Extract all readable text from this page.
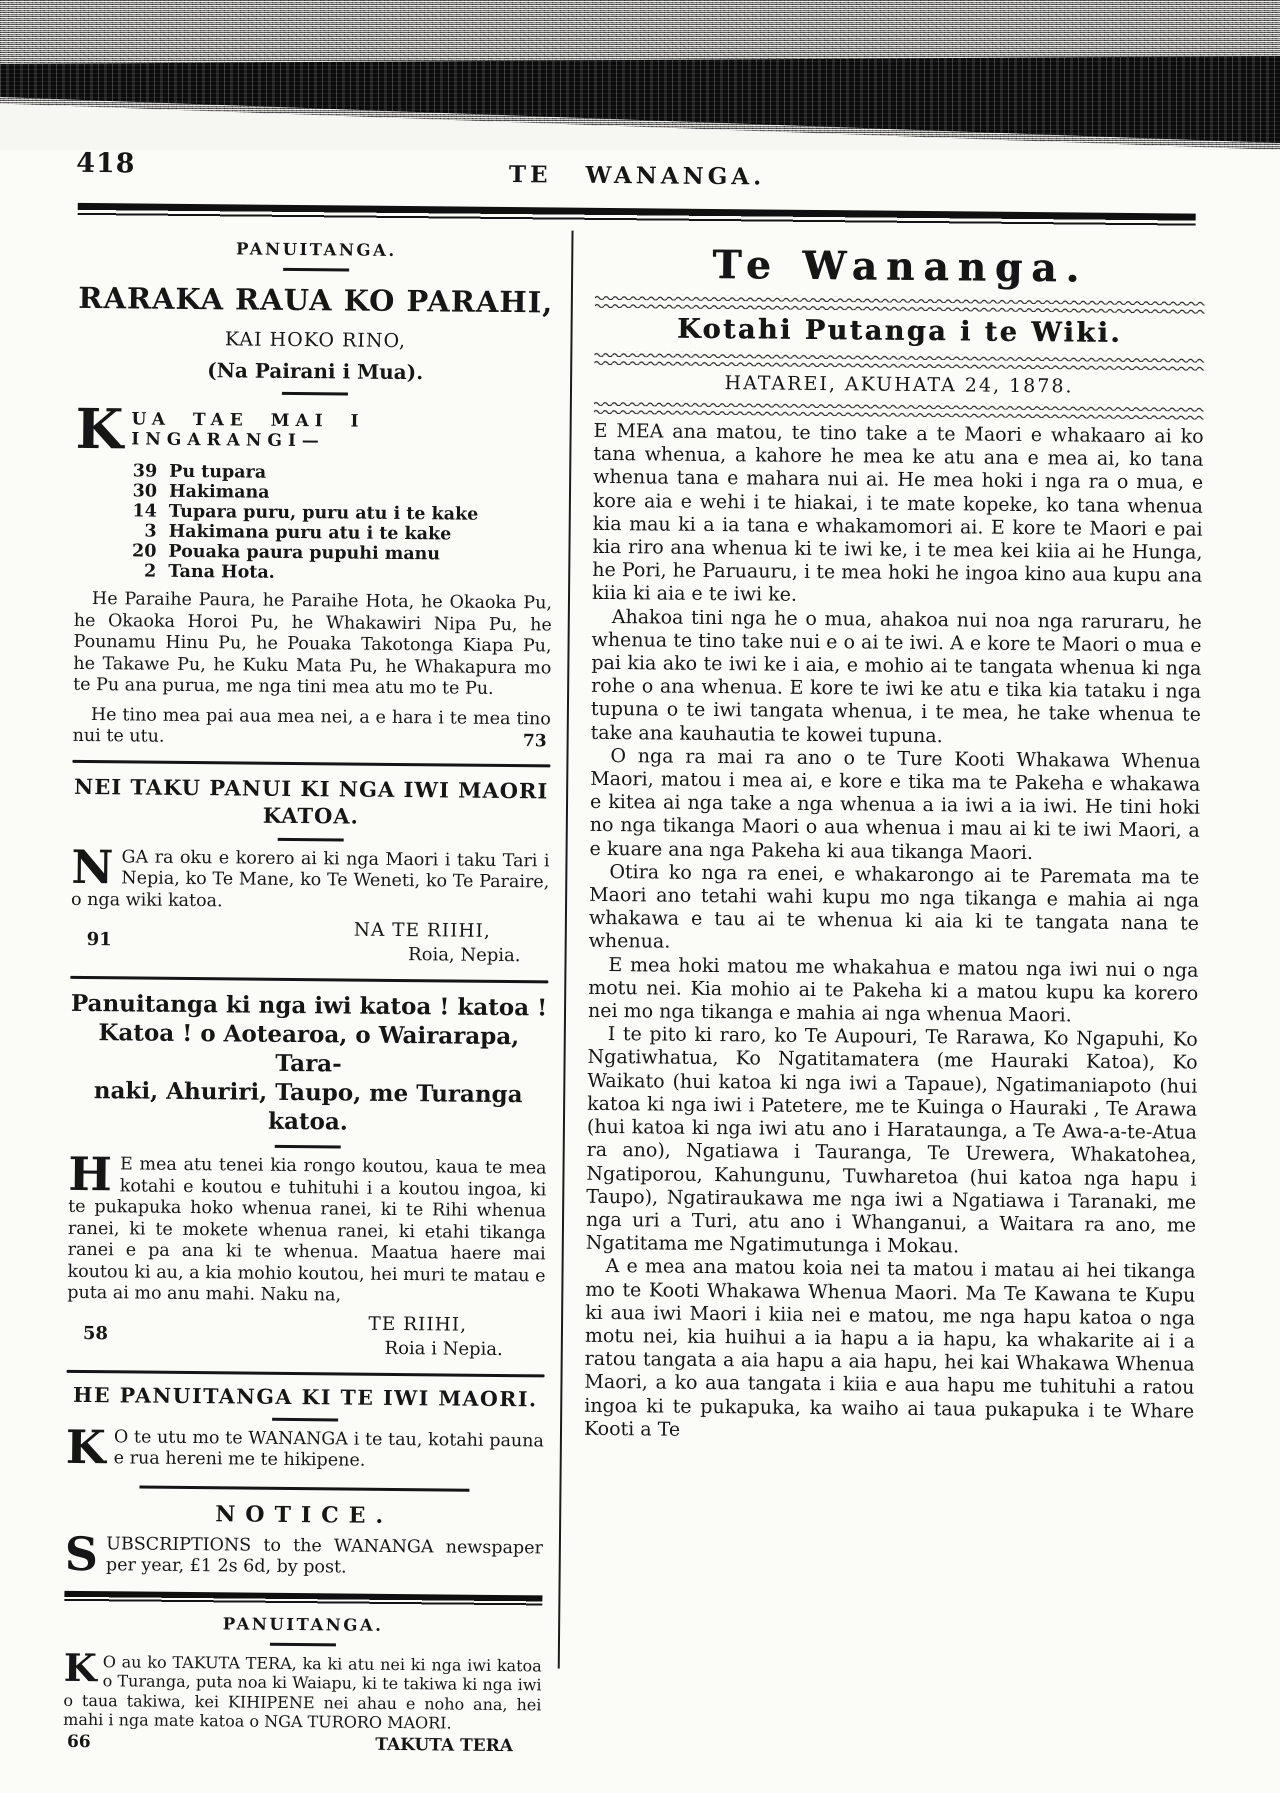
418	TE WANANGA.
PANUITANGA.
RARAKA RAUA KO PARAHI,
KAI HOKO RINO,
(Na Pairani i Mua).
KUA TAE MAI I INGARANGI—
39 Pu tupara
30 Hakimana
14 Tupara puru, puru atu i te kake
3 Hakimana puru atu i te kake
20 Pouaka paura pupuhi manu
2 Tana Hota.

He Paraihe Paura, he Paraihe Hota, he Okaoka Pu, he Okaoka Horoi Pu, he Whakawiri Nipa Pu, he Pounamu Hinu Pu, he Pouaka Takotonga Kiapa Pu, he Takawe Pu, he Kuku Mata Pu, he Whakapura mo te Pu ana purua, me nga tini mea atu mo te Pu.

He tino mea pai aua mea nei, a e hara i te mea tino nui te utu.	73

NEI TAKU PANUI KI NGA IWI MAORI KATOA.

NGA ra oku e korero ai ki nga Maori i taku Tari i Nepia, ko Te Mane, ko Te Weneti, ko Te Paraire, o nga wiki katoa.

91	NA TE RIIHI,
Roia, Nepia.
Panuitanga ki nga iwi katoa ! katoa !
Katoa ! o Aotearoa, o Wairarapa, Tara-
naki, Ahuriri, Taupo, me Turanga
katoa.

H E mea atu tenei kia rongo koutou, kaua te mea kotahi e koutou e tuhituhi i a koutou ingoa, ki te pukapuka hoko whenua ranei, ki te Rihi whenua ranei, ki te mokete whenua ranei, ki etahi tikanga ranei e pa ana ki te whenua. Maatua haere mai koutou ki au, a kia mohio koutou, hei muri te matau e puta ai mo anu mahi. Naku na,

58	TE RIIHI,
Roia i Nepia.
HE PANUITANGA KI TE IWI MAORI.

K O te utu mo te WANANGA i te tau, kotahi pauna e rua hereni me te hikipene.

NOTICE.

SUBSCRIPTIONS to the WANANGA newspaper per year, £1 2s 6d, by post.

PANUITANGA.

K O au ko TAKUTA TERA, ka ki atu nei ki nga iwi katoa o Turanga, puta noa ki Waiapu, ki te takiwa ki nga iwi o taua takiwa, kei KIHIPENE nei ahau e noho ana, hei mahi i nga mate katoa o NGA TURORO MAORI.

66	TAKUTA TERA
Te Wananga.
Kotahi Putanga i te Wiki.
HATAREI, AKUHATA 24, 1878.

E MEA ana matou, te tino take a te Maori e whakaaro ai ko tana whenua, a kahore he mea ke atu ana e mea ai, ko tana whenua tana e mahara nui ai. He mea hoki i nga ra o mua, e kore aia e wehi i te hiakai, i te mate kopeke, ko tana whenua kia mau ki a ia tana e whakamomori ai. E kore te Maori e pai kia riro ana whenua ki te iwi ke, i te mea kei kiia ai he Hunga, he Pori, he Paruauru, i te mea hoki he ingoa kino aua kupu ana kiia ki aia e te iwi ke.

Ahakoa tini nga he o mua, ahakoa nui noa nga raruraru, he whenua te tino take nui e o ai te iwi. A e kore te Maori o mua e pai kia ako te iwi ke i aia, e mohio ai te tangata whenua ki nga rohe o ana whenua. E kore te iwi ke atu e tika kia tataku i nga tupuna o te iwi tangata whenua, i te mea, he take whenua te take ana kauhautia te kowei tupuna.

O nga ra mai ra ano o te Ture Kooti Whakawa Whenua Maori, matou i mea ai, e kore e tika ma te Pakeha e whakawa e kitea ai nga take a nga whenua a ia iwi a ia iwi. He tini hoki no nga tikanga Maori o aua whenua i mau ai ki te iwi Maori, a e kuare ana nga Pakeha ki aua tikanga Maori.

Otira ko nga ra enei, e whakarongo ai te Paremata ma te Maori ano tetahi wahi kupu mo nga tikanga e mahia ai nga whakawa e tau ai te whenua ki aia ki te tangata nana te whenua.

E mea hoki matou me whakahua e matou nga iwi nui o nga motu nei. Kia mohio ai te Pakeha ki a matou kupu ka korero nei mo nga tikanga e mahia ai nga whenua Maori.

I te pito ki raro, ko Te Aupouri, Te Rarawa, Ko Ngapuhi, Ko Ngatiwhatua, Ko Ngatitamatera (me Hauraki Katoa), Ko Waikato (hui katoa ki nga iwi a Tapaue), Ngatimaniapoto (hui katoa ki nga iwi i Patetere, me te Kuinga o Hauraki , Te Arawa (hui katoa ki nga iwi atu ano i Harataunga, a Te Awa-a-te-Atua ra ano), Ngatiawa i Tauranga, Te Urewera, Whakatohea, Ngatiporou, Kahungunu, Tuwharetoa (hui katoa nga hapu i Taupo), Ngatiraukawa me nga iwi a Ngatiawa i Taranaki, me nga uri a Turi, atu ano i Whanganui, a Waitara ra ano, me Ngatitama me Ngatimutunga i Mokau.

A e mea ana matou koia nei ta matou i matau ai hei tikanga mo te Kooti Whakawa Whenua Maori. Ma Te Kawana te Kupu ki aua iwi Maori i kiia nei e matou, me nga hapu katoa o nga motu nei, kia huihui a ia hapu a ia hapu, ka whakarite ai i a ratou tangata a aia hapu a aia hapu, hei kai Whakawa Whenua Maori, a ko aua tangata i kiia e aua hapu me tuhituhi a ratou ingoa ki te pukapuka, ka waiho ai taua pukapuka i te Whare Kooti a Te
